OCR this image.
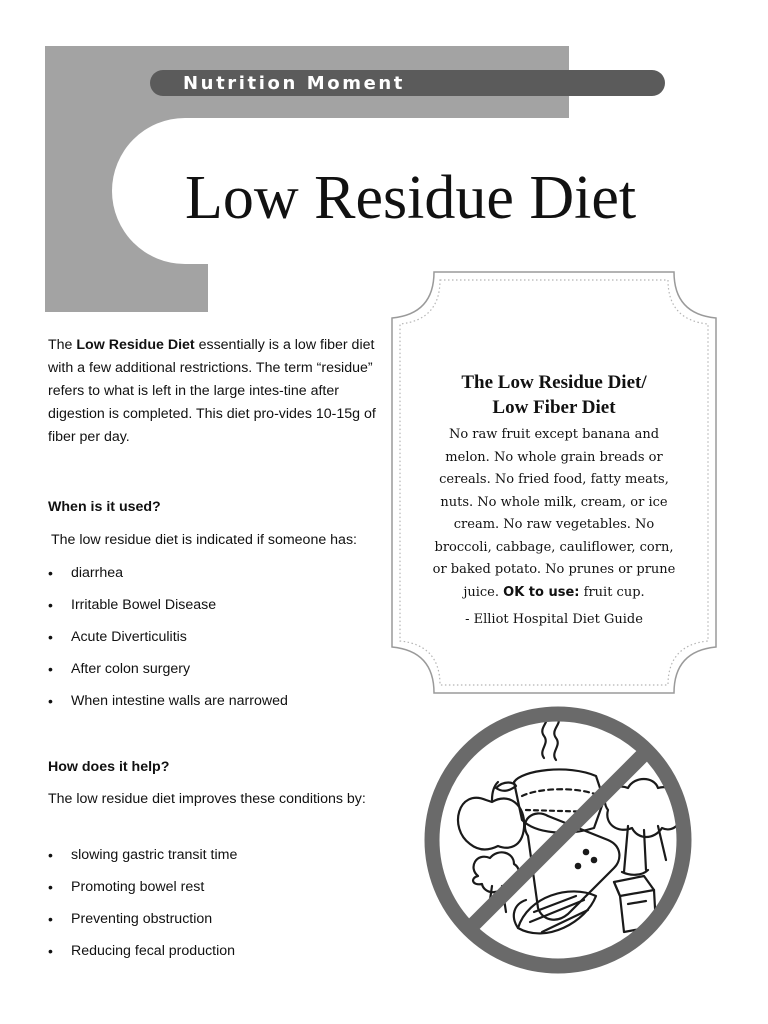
Nutrition Moment
Low Residue Diet

The Low Residue Diet essentially is a low fiber diet with a few additional restrictions. The term “residue” refers to what is left in the large intes-tine after digestion is completed. This diet pro-vides 10-15g of fiber per day.

When is it used?

The low residue diet is indicated if someone has:

• diarrhea
• Irritable Bowel Disease
• Acute Diverticulitis
• After colon surgery
• When intestine walls are narrowed
How does it help?

The low residue diet improves these conditions by:

• slowing gastric transit time
• Promoting bowel rest
• Preventing obstruction
• Reducing fecal production
The Low Residue Diet/
Low Fiber Diet

No raw fruit except banana and melon. No whole grain breads or cereals. No fried food, fatty meats, nuts. No whole milk, cream, or ice cream. No raw vegetables. No broccoli, cabbage, cauliflower, corn, or baked potato. No prunes or prune juice. OK to use: fruit cup.

- Elliot Hospital Diet Guide
